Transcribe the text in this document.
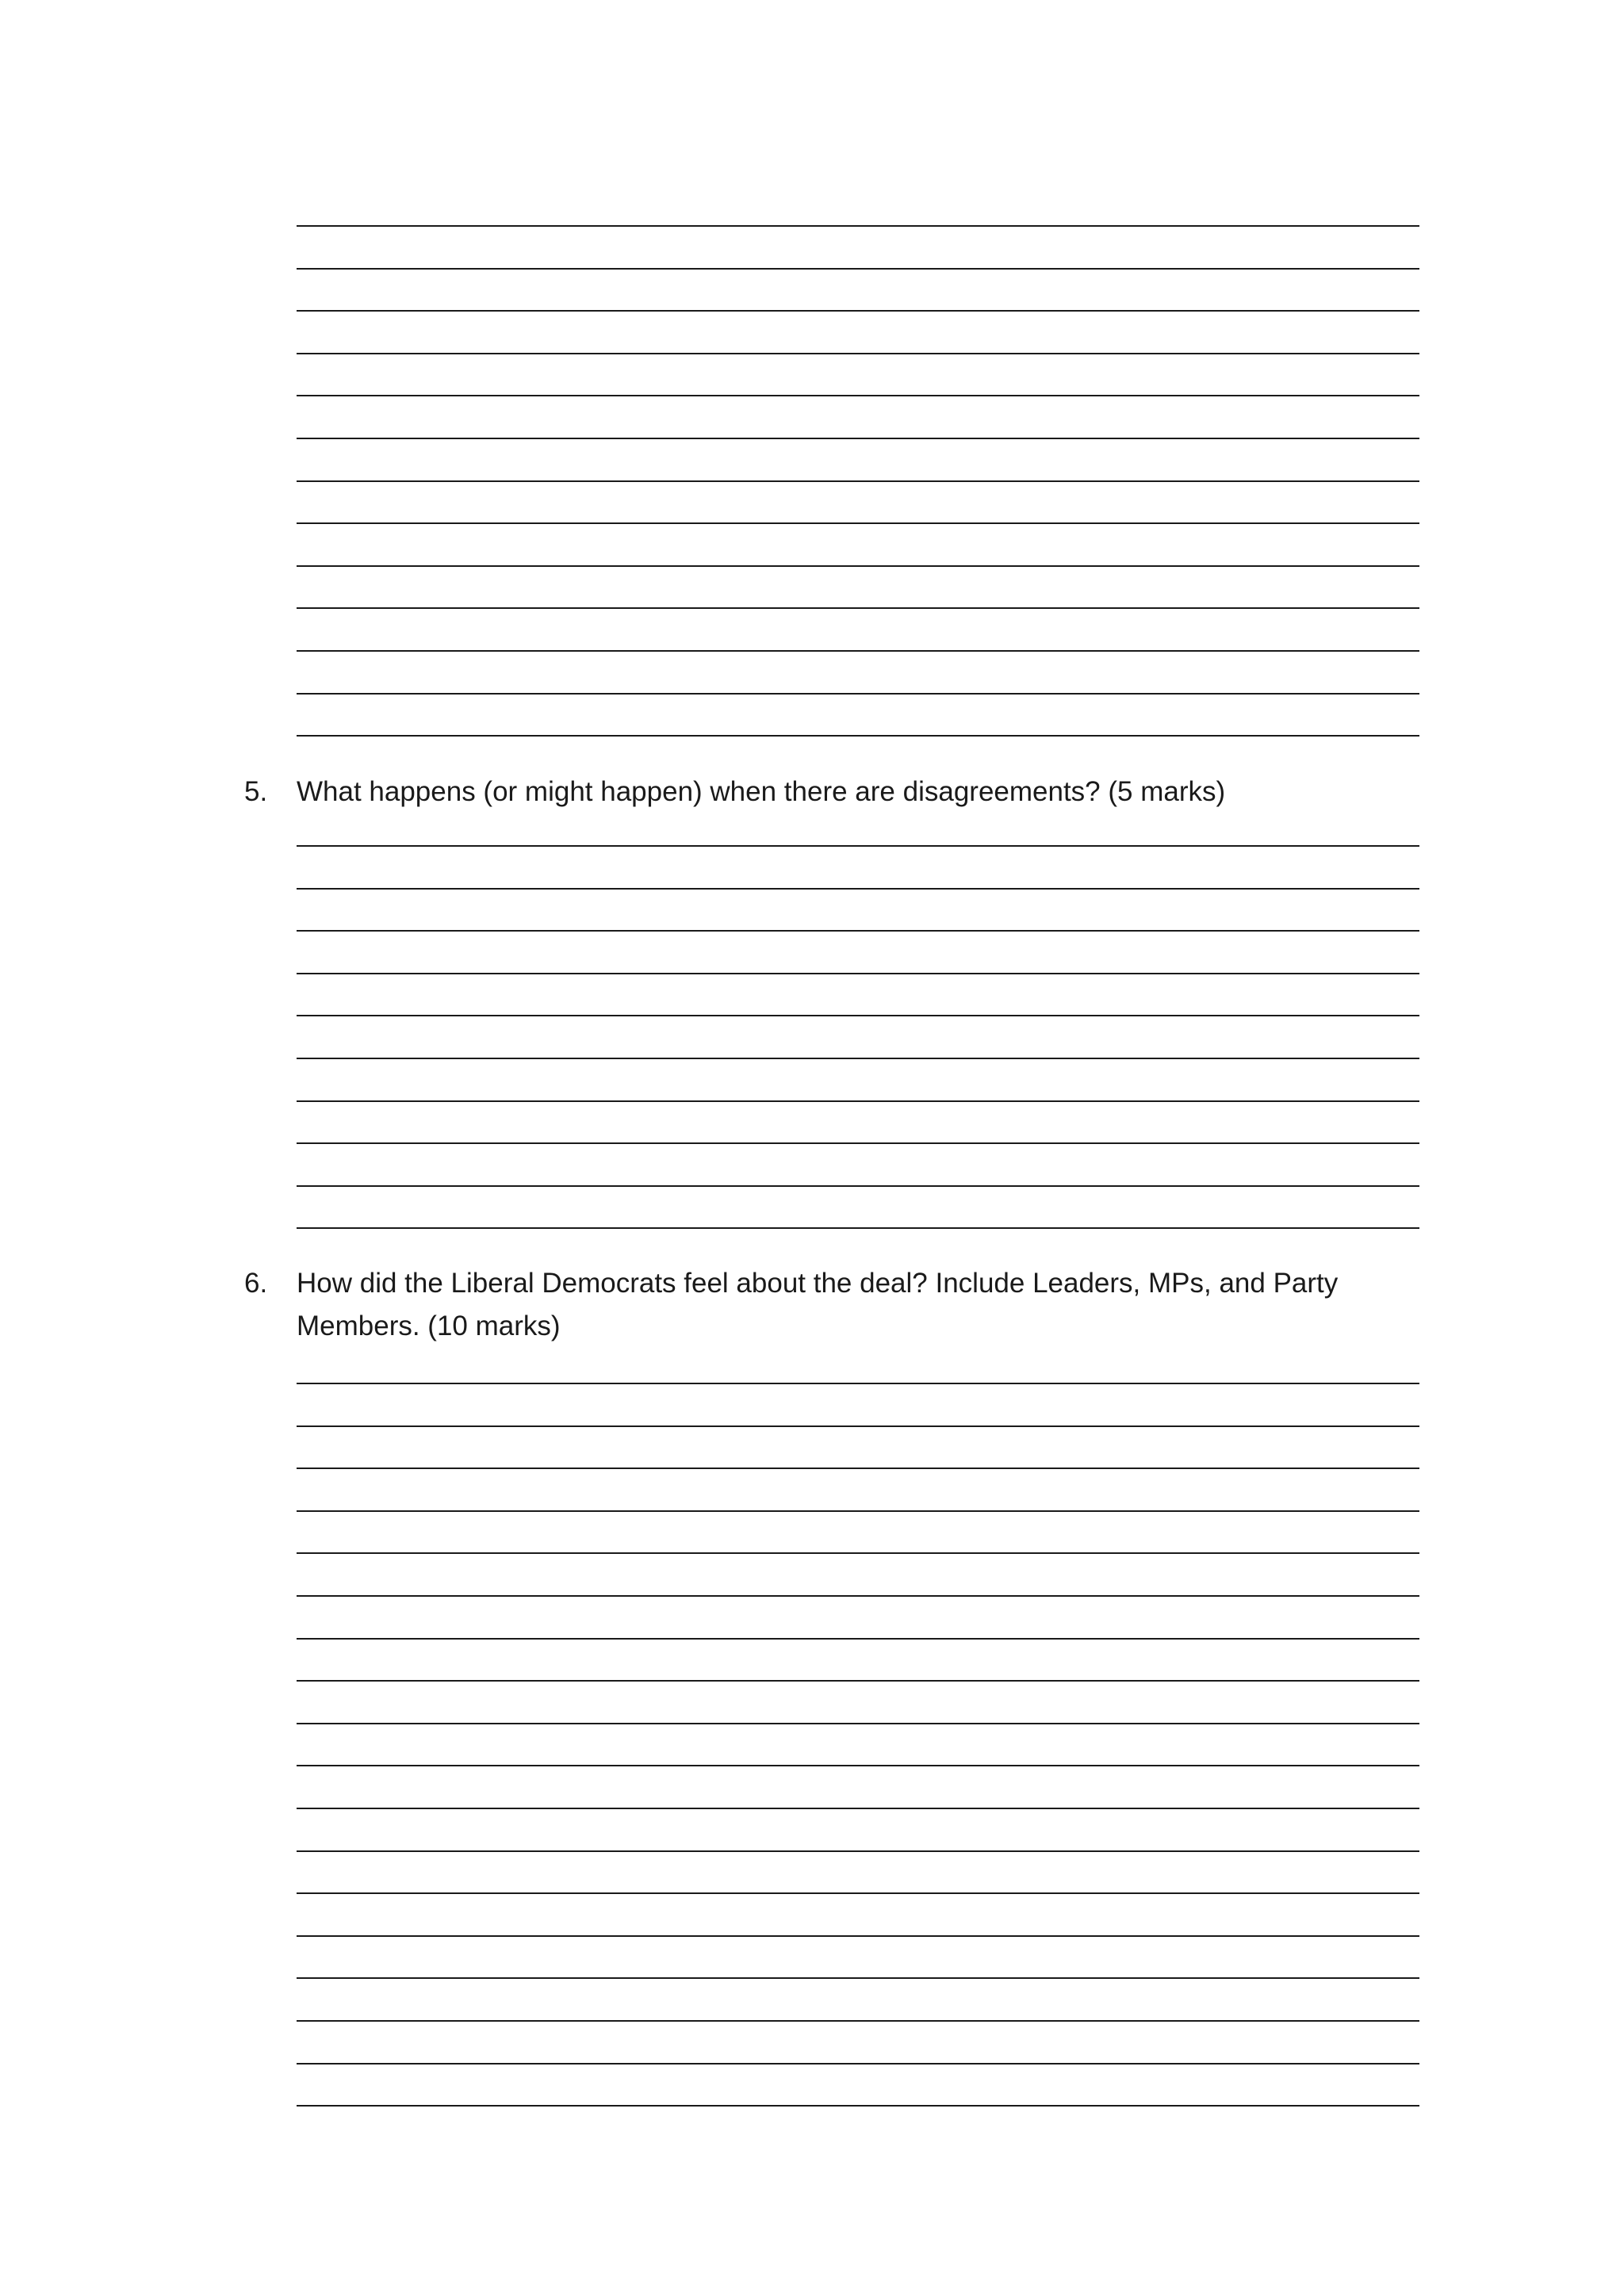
5. What happens (or might happen) when there are disagreements? (5 marks)
6. How did the Liberal Democrats feel about the deal? Include Leaders, MPs, and Party Members. (10 marks)
